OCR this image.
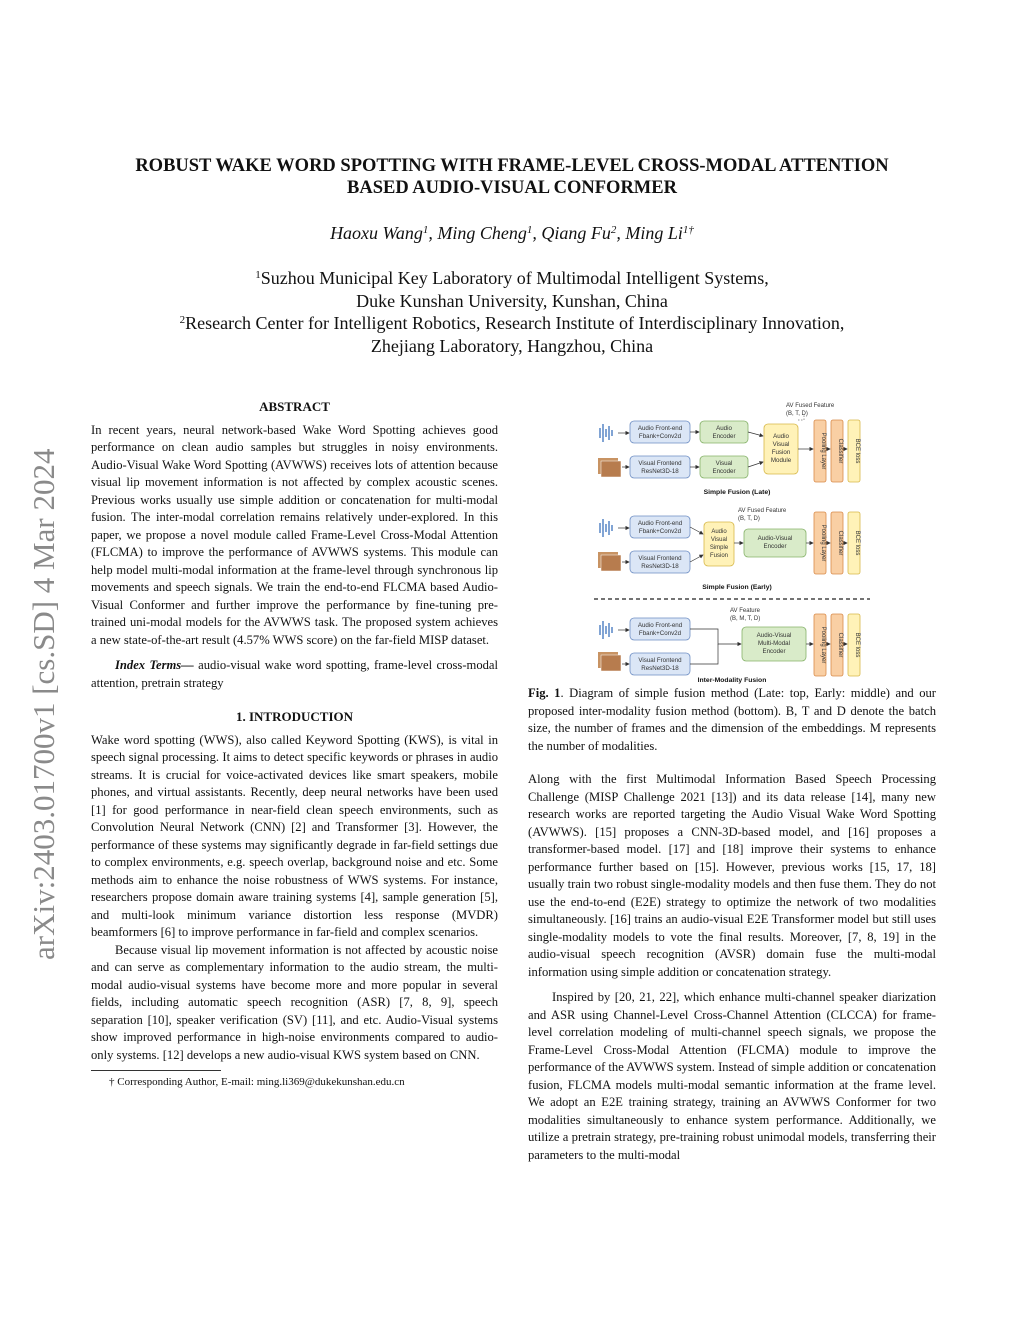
arXiv:2403.01700v1 [cs.SD] 4 Mar 2024
ROBUST WAKE WORD SPOTTING WITH FRAME-LEVEL CROSS-MODAL ATTENTION
BASED AUDIO-VISUAL CONFORMER
Haoxu Wang$^1$, Ming Cheng$^1$, Qiang Fu$^2$, Ming $Li^{1\dagger}$
$^1$Suzhou Municipal Key Laboratory of Multimodal Intelligent Systems,
Duke Kunshan University, Kunshan, China
$^2$Research Center for Intelligent Robotics, Research Institute of Interdisciplinary Innovation,
Zhejiang Laboratory, Hangzhou, China
ABSTRACT

In recent years, neural network-based Wake Word Spotting achieves good performance on clean audio samples but struggles in noisy environments. Audio-Visual Wake Word Spotting (AVWWS) receives lots of attention because visual lip movement information is not affected by complex acoustic scenes. Previous works usually use simple addition or concatenation for multi-modal fusion. The inter-modal correlation remains relatively under-explored. In this paper, we propose a novel module called Frame-Level Cross-Modal Attention (FLCMA) to improve the performance of AVWWS systems. This module can help model multi-modal information at the frame-level through synchronous lip movements and speech signals. We train the end-to-end FLCMA based Audio-Visual Conformer and further improve the performance by fine-tuning pre-trained uni-modal models for the AVWWS task. The proposed system achieves a new state-of-the-art result (4.57% WWS score) on the far-field MISP dataset.

Index Terms— audio-visual wake word spotting, frame-level cross-modal attention, pretrain strategy

1. INTRODUCTION

Wake word spotting (WWS), also called Keyword Spotting (KWS), is vital in speech signal processing. It aims to detect specific keywords or phrases in audio streams. It is crucial for voice-activated devices like smart speakers, mobile phones, and virtual assistants. Recently, deep neural networks have been used [1] for good performance in near-field clean speech environments, such as Convolution Neural Network (CNN) [2] and Transformer [3]. However, the performance of these systems may significantly degrade in far-field settings due to complex environments, e.g. speech overlap, background noise and etc. Some methods aim to enhance the noise robustness of WWS systems. For instance, researchers propose domain aware training systems [4], sample generation [5], and multi-look minimum variance distortion less response (MVDR) beamformers [6] to improve performance in far-field and complex scenarios.

Because visual lip movement information is not affected by acoustic noise and can serve as complementary information to the audio stream, the multi-modal audio-visual systems have become more and more popular in several fields, including automatic speech recognition (ASR) [7, 8, 9], speech separation [10], speaker verification (SV) [11], and etc. Audio-Visual systems show improved performance in high-noise environments compared to audio-only systems. [12] develops a new audio-visual KWS system based on CNN.

† Corresponding Author, E-mail: ming.li369@dukekunshan.edu.cn
Audio Front-end
Fbank+Conv2d
Visual Frontend
ResNet3D-18
Audio
Encoder
Visual
Encoder
Audio
Visual
Fusion
Module
AV Fused Feature
(B, T, D)
Pooling Layer Classifier BCE loss
Simple Fusion (Late)
Audio Front-end
Fbank+Conv2d
Visual Frontend
ResNet3D-18
Audio
Visual
Simple
Fusion
Audio-Visual
Encoder
AV Fused Feature
(B, T, D)
Pooling Layer Classifier BCE loss
Simple Fusion (Early)
Audio Front-end
Fbank+Conv2d
Visual Frontend
ResNet3D-18
AV Feature
(B, M, T, D)
Audio-Visual
Multi-Modal
Encoder	Pooling Layer Classifier BCE loss
Inter-Modality Fusion

Fig. 1. Diagram of simple fusion method (Late: top, Early: middle) and our proposed inter-modality fusion method (bottom). B, T and D denote the batch size, the number of frames and the dimension of the embeddings. M represents the number of modalities.

Along with the first Multimodal Information Based Speech Processing Challenge (MISP Challenge 2021 [13]) and its data release [14], many new research works are reported targeting the Audio Visual Wake Word Spotting (AVWWS). [15] proposes a CNN-3D-based model, and [16] proposes a transformer-based model. [17] and [18] improve their systems to enhance performance further based on [15]. However, previous works [15, 17, 18] usually train two robust single-modality models and then fuse them. They do not use the end-to-end (E2E) strategy to optimize the network of two modalities simultaneously. [16] trains an audio-visual E2E Transformer model but still uses single-modality models to vote the final results. Moreover, [7, 8, 19] in the audio-visual speech recognition (AVSR) domain fuse the multi-modal information using simple addition or concatenation strategy.

Inspired by [20, 21, 22], which enhance multi-channel speaker diarization and ASR using Channel-Level Cross-Channel Attention (CLCCA) for frame-level correlation modeling of multi-channel speech signals, we propose the Frame-Level Cross-Modal Attention (FLCMA) module to improve the performance of the AVWWS system. Instead of simple addition or concatenation fusion, FLCMA models multi-modal semantic information at the frame level. We adopt an E2E training strategy, training an AVWWS Conformer for two modalities simultaneously to enhance system performance. Additionally, we utilize a pretrain strategy, pre-training robust unimodal models, transferring their parameters to the multi-modal
